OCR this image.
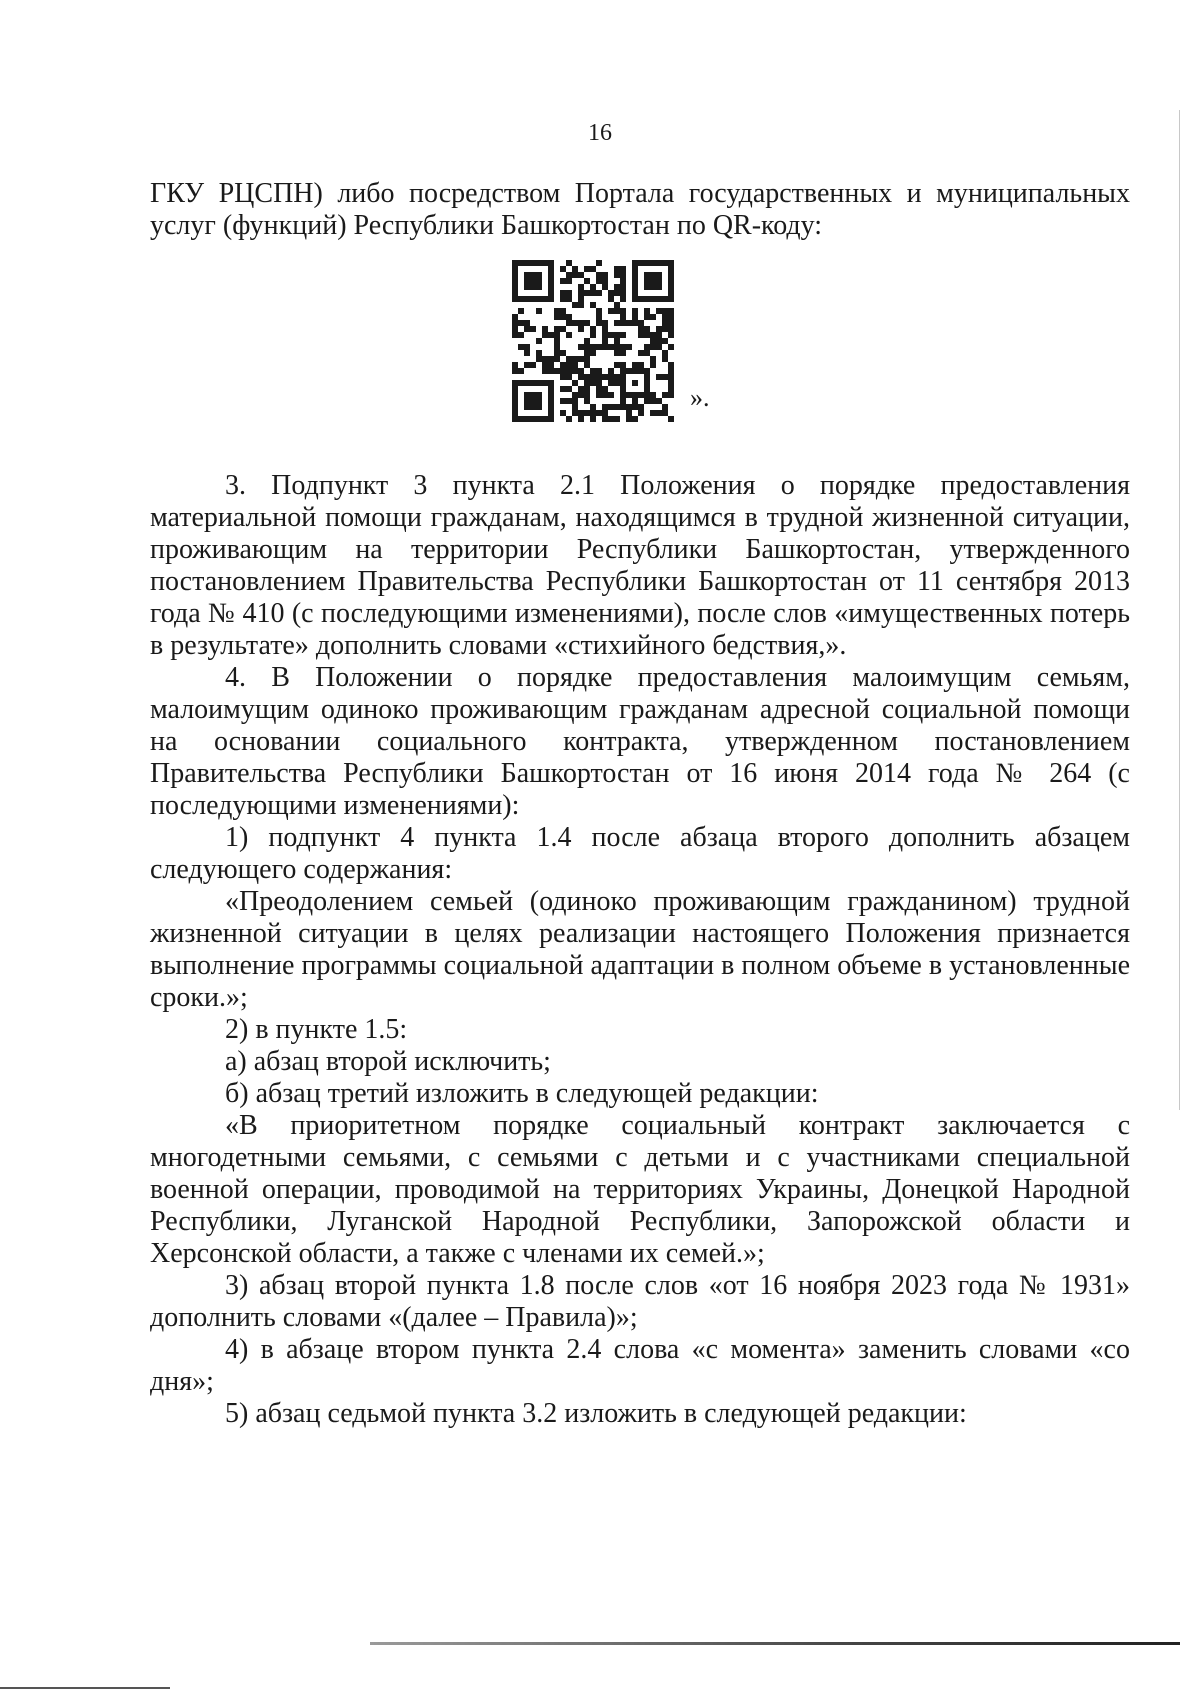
16

ГКУ РЦСПН) либо посредством Портала государственных и муниципальных услуг (функций) Республики Башкортостан по QR-коду:

».

3. Подпункт 3 пункта 2.1 Положения о порядке предоставления материальной помощи гражданам, находящимся в трудной жизненной ситуации, проживающим на территории Республики Башкортостан, утвержденного постановлением Правительства Республики Башкортостан от 11 сентября 2013 года № 410 (с последующими изменениями), после слов «имущественных потерь в результате» дополнить словами «стихийного бедствия,».

4. В Положении о порядке предоставления малоимущим семьям, малоимущим одиноко проживающим гражданам адресной социальной помощи на основании социального контракта, утвержденном постановлением Правительства Республики Башкортостан от 16 июня 2014 года № 264 (с последующими изменениями):

1) подпункт 4 пункта 1.4 после абзаца второго дополнить абзацем следующего содержания:

«Преодолением семьей (одиноко проживающим гражданином) трудной жизненной ситуации в целях реализации настоящего Положения признается выполнение программы социальной адаптации в полном объеме в установленные сроки.»;

2) в пункте 1.5:

а) абзац второй исключить;

б) абзац третий изложить в следующей редакции:

«В приоритетном порядке социальный контракт заключается с многодетными семьями, с семьями с детьми и с участниками специальной военной операции, проводимой на территориях Украины, Донецкой Народной Республики, Луганской Народной Республики, Запорожской области и Херсонской области, а также с членами их семей.»;

3) абзац второй пункта 1.8 после слов «от 16 ноября 2023 года № 1931» дополнить словами «(далее – Правила)»;

4) в абзаце втором пункта 2.4 слова «с момента» заменить словами «со дня»;

5) абзац седьмой пункта 3.2 изложить в следующей редакции:
